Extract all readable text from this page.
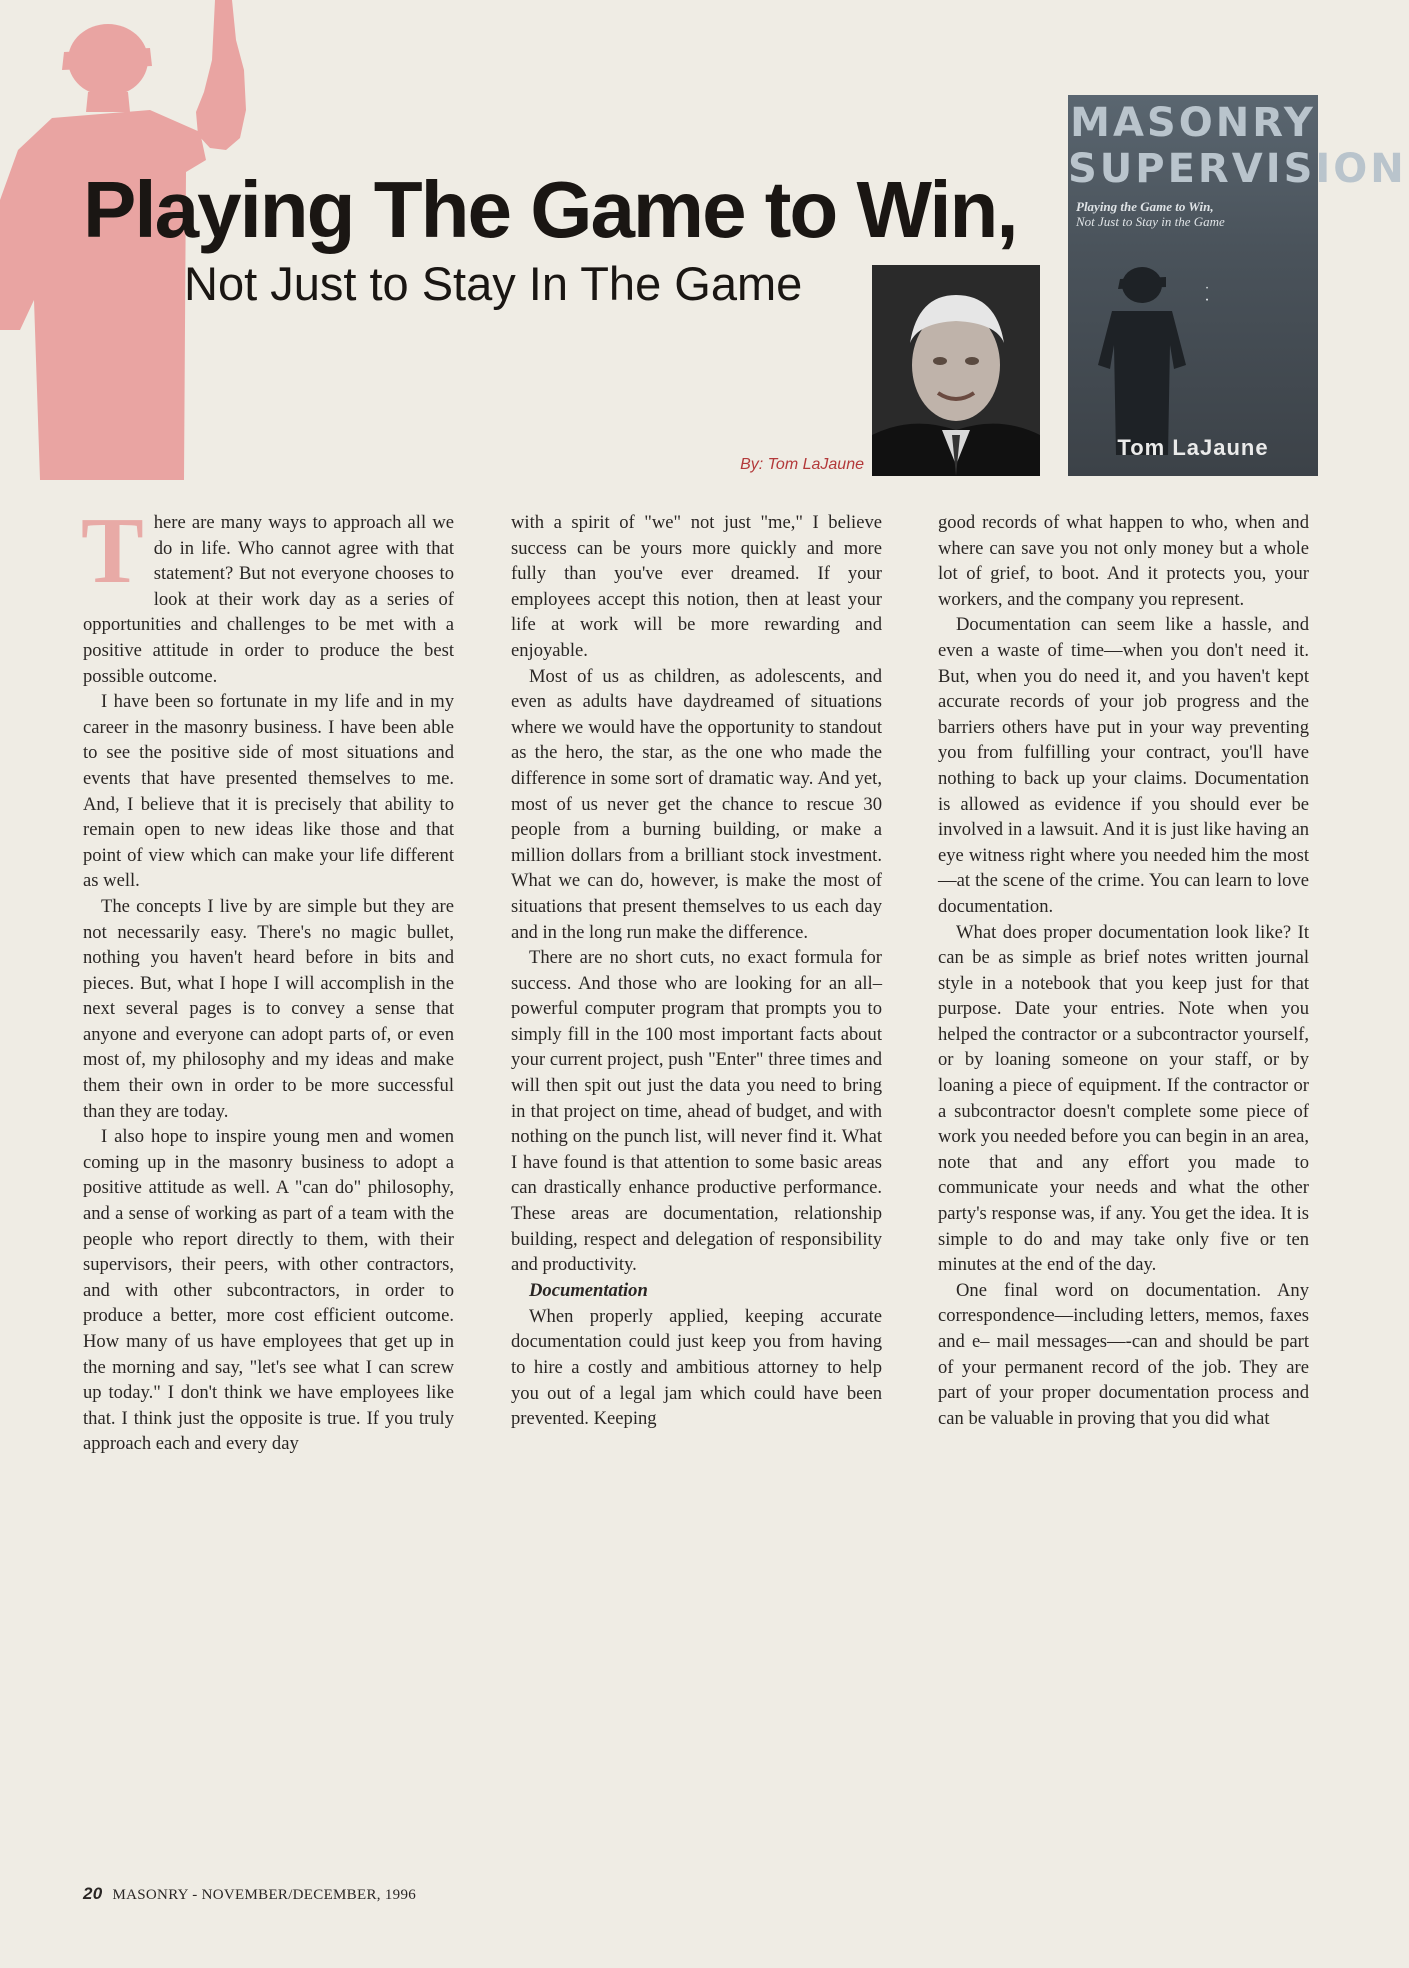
Playing The Game to Win,
Not Just to Stay In The Game
By: Tom LaJaune
MASONRY
SUPERVISION
Playing the Game to Win,
Not Just to Stay in the Game
Tom LaJaune

There are many ways to approach all we do in life. Who cannot agree with that statement? But not everyone chooses to look at their work day as a series of opportunities and challenges to be met with a positive attitude in order to produce the best possible outcome.

I have been so fortunate in my life and in my career in the masonry business. I have been able to see the positive side of most situations and events that have presented themselves to me. And, I believe that it is precisely that ability to remain open to new ideas like those and that point of view which can make your life different as well.

The concepts I live by are simple but they are not necessarily easy. There's no magic bullet, nothing you haven't heard before in bits and pieces. But, what I hope I will accomplish in the next several pages is to convey a sense that anyone and everyone can adopt parts of, or even most of, my philosophy and my ideas and make them their own in order to be more successful than they are today.

I also hope to inspire young men and women coming up in the masonry business to adopt a positive attitude as well. A "can do" philosophy, and a sense of working as part of a team with the people who report directly to them, with their supervisors, their peers, with other contractors, and with other subcontractors, in order to produce a better, more cost efficient outcome. How many of us have employees that get up in the morning and say, "let's see what I can screw up today." I don't think we have employees like that. I think just the opposite is true. If you truly approach each and every day

with a spirit of "we" not just "me," I believe success can be yours more quickly and more fully than you've ever dreamed. If your employees accept this notion, then at least your life at work will be more rewarding and enjoyable.

Most of us as children, as adolescents, and even as adults have daydreamed of situations where we would have the opportunity to standout as the hero, the star, as the one who made the difference in some sort of dramatic way. And yet, most of us never get the chance to rescue 30 people from a burning building, or make a million dollars from a brilliant stock investment. What we can do, however, is make the most of situations that present themselves to us each day and in the long run make the difference.

There are no short cuts, no exact formula for success. And those who are looking for an all– powerful computer program that prompts you to simply fill in the 100 most important facts about your current project, push "Enter" three times and will then spit out just the data you need to bring in that project on time, ahead of budget, and with nothing on the punch list, will never find it. What I have found is that attention to some basic areas can drastically enhance productive performance. These areas are documentation, relationship building, respect and delegation of responsibility and productivity.

Documentation

When properly applied, keeping accurate documentation could just keep you from having to hire a costly and ambitious attorney to help you out of a legal jam which could have been prevented. Keeping

good records of what happen to who, when and where can save you not only money but a whole lot of grief, to boot. And it protects you, your workers, and the company you represent.

Documentation can seem like a hassle, and even a waste of time—when you don't need it. But, when you do need it, and you haven't kept accurate records of your job progress and the barriers others have put in your way preventing you from fulfilling your contract, you'll have nothing to back up your claims. Documentation is allowed as evidence if you should ever be involved in a lawsuit. And it is just like having an eye witness right where you needed him the most—at the scene of the crime. You can learn to love documentation.

What does proper documentation look like? It can be as simple as brief notes written journal style in a notebook that you keep just for that purpose. Date your entries. Note when you helped the contractor or a subcontractor yourself, or by loaning someone on your staff, or by loaning a piece of equipment. If the contractor or a subcontractor doesn't complete some piece of work you needed before you can begin in an area, note that and any effort you made to communicate your needs and what the other party's response was, if any. You get the idea. It is simple to do and may take only five or ten minutes at the end of the day.

One final word on documentation. Any correspondence—including letters, memos, faxes and e– mail messages—-can and should be part of your permanent record of the job. They are part of your proper documentation process and can be valuable in proving that you did what

20 MASONRY - NOVEMBER/DECEMBER, 1996
